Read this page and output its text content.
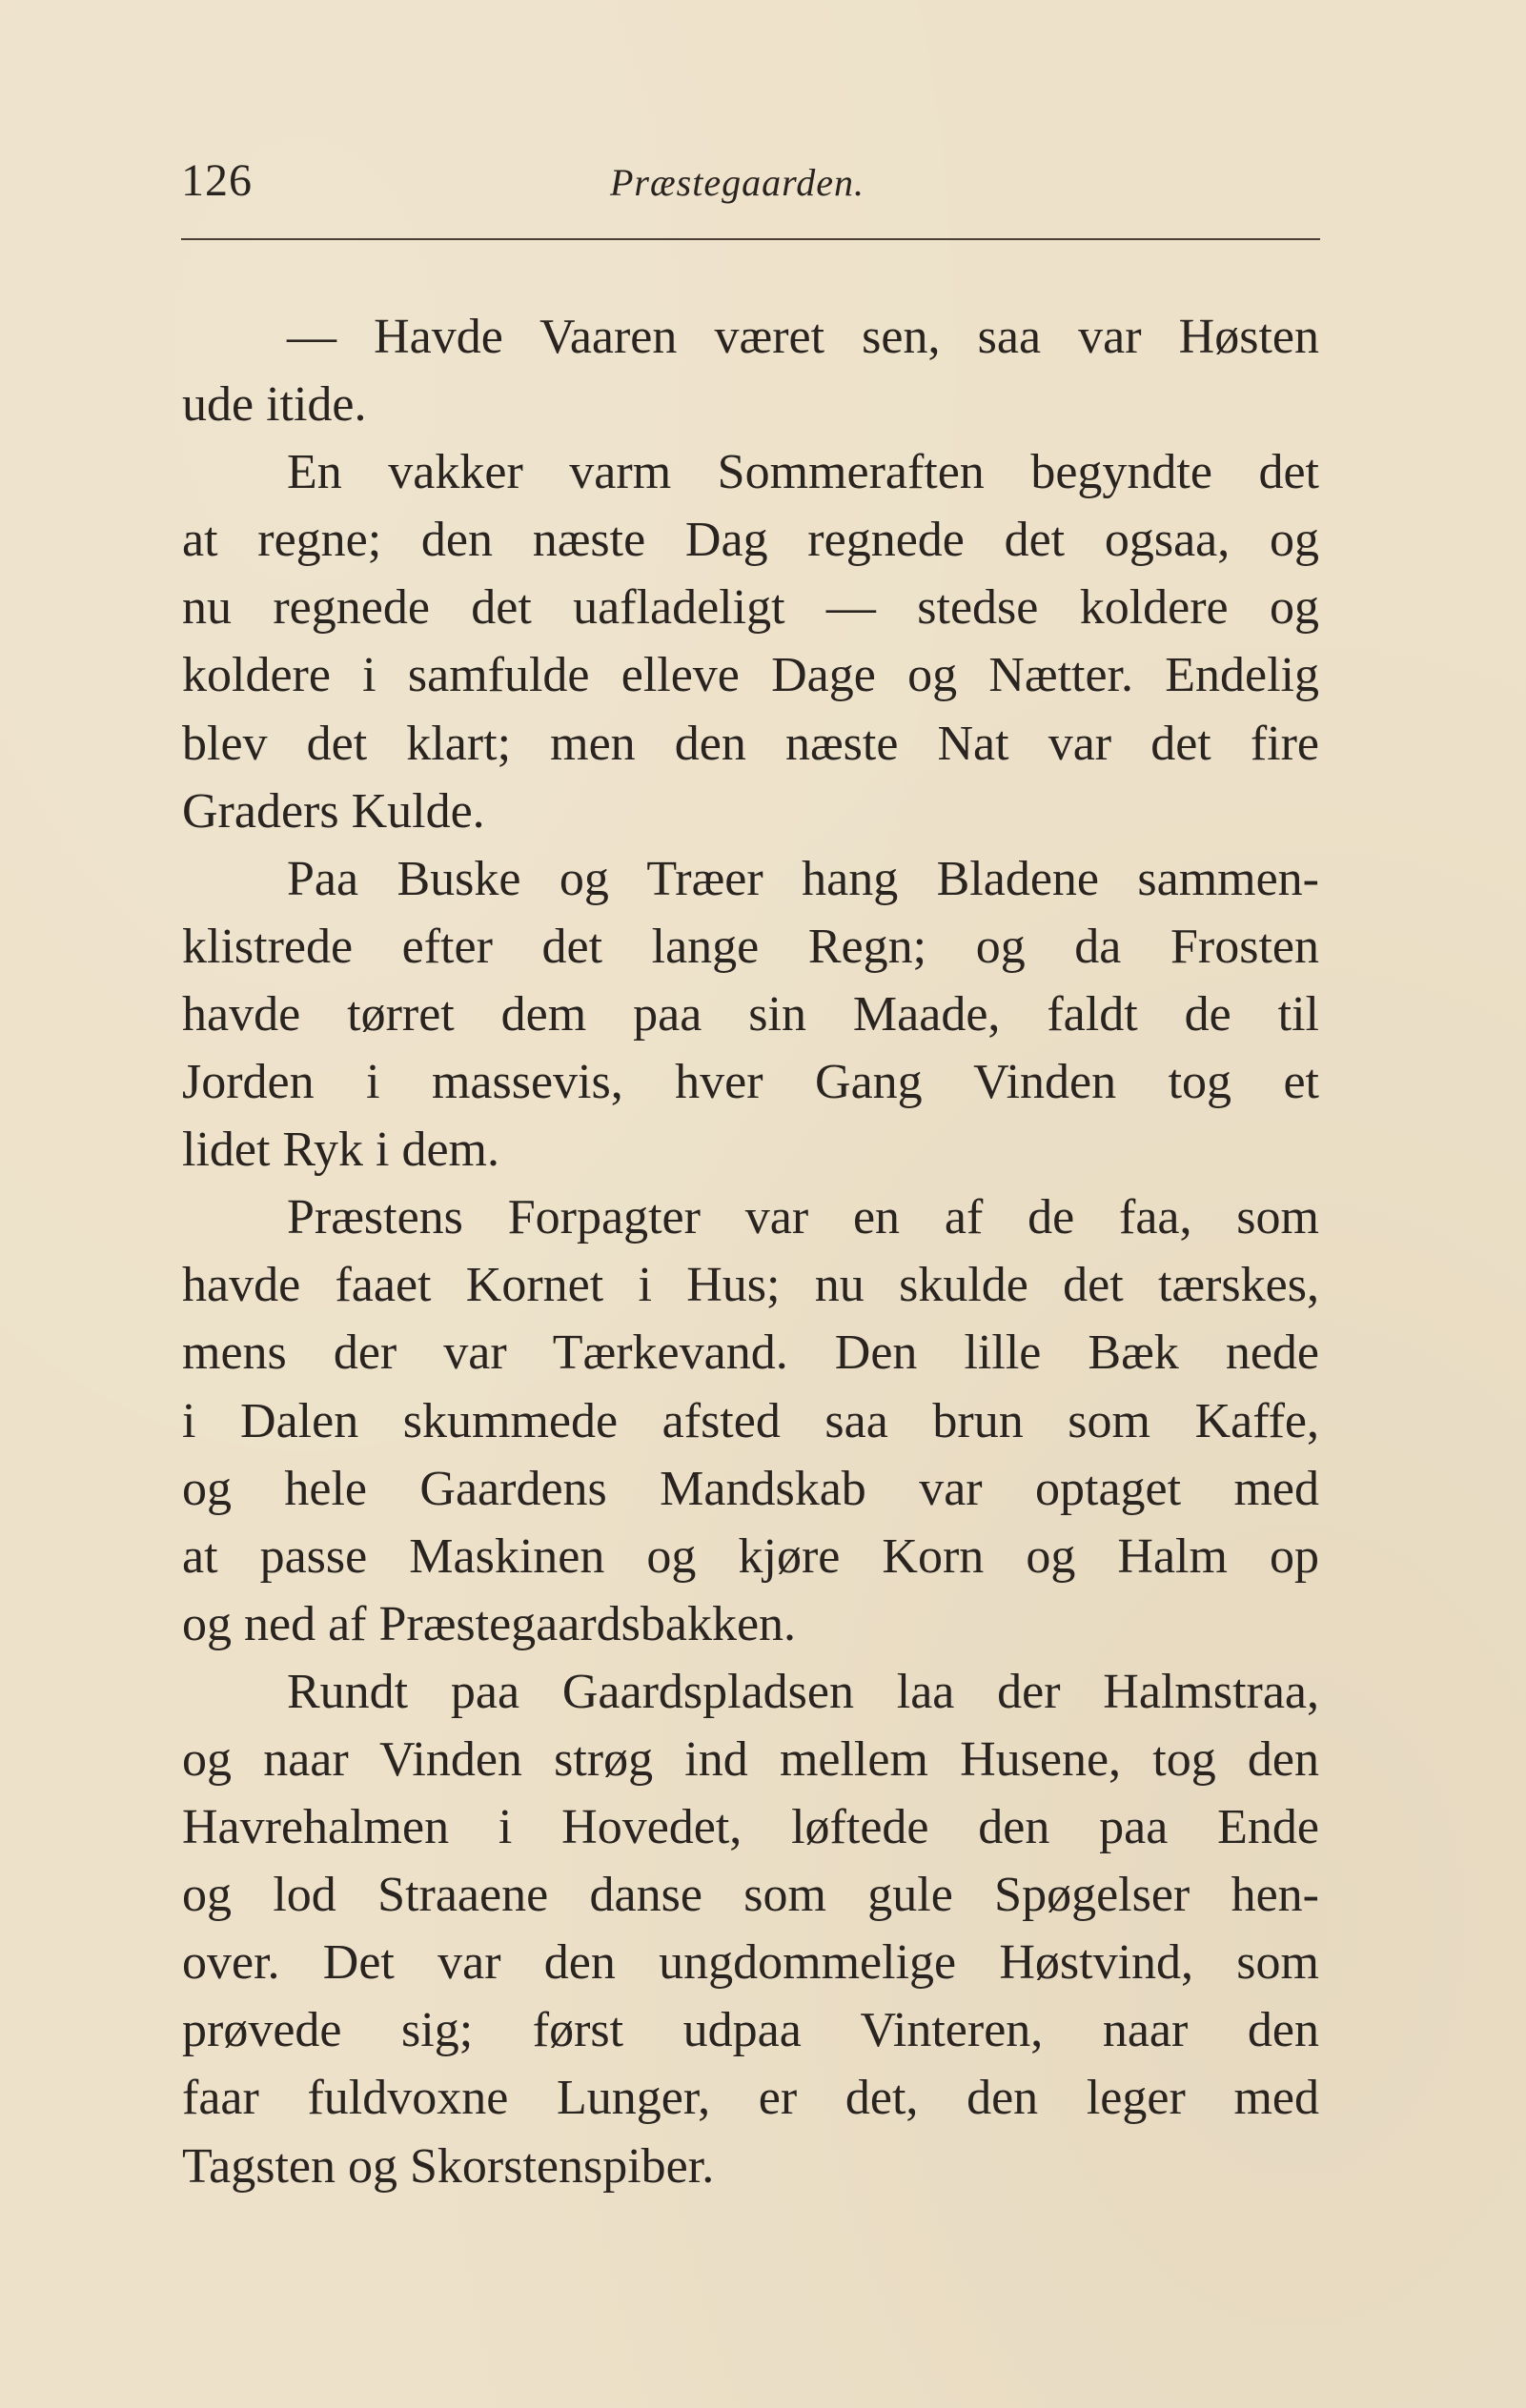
126	Præstegaarden.
— Havde Vaaren været sen, saa var Høsten
ude itide.
En vakker varm Sommeraften begyndte det
at regne; den næste Dag regnede det ogsaa, og
nu regnede det uafladeligt — stedse koldere og
koldere i samfulde elleve Dage og Nætter. Endelig
blev det klart; men den næste Nat var det fire
Graders Kulde.
Paa Buske og Træer hang Bladene sammen-
klistrede efter det lange Regn; og da Frosten
havde tørret dem paa sin Maade, faldt de til
Jorden i massevis, hver Gang Vinden tog et
lidet Ryk i dem.
Præstens Forpagter var en af de faa, som
havde faaet Kornet i Hus; nu skulde det tærskes,
mens der var Tærkevand. Den lille Bæk nede
i Dalen skummede afsted saa brun som Kaffe,
og hele Gaardens Mandskab var optaget med
at passe Maskinen og kjøre Korn og Halm op
og ned af Præstegaardsbakken.
Rundt paa Gaardspladsen laa der Halmstraa,
og naar Vinden strøg ind mellem Husene, tog den
Havrehalmen i Hovedet, løftede den paa Ende
og lod Straaene danse som gule Spøgelser hen-
over. Det var den ungdommelige Høstvind, som
prøvede sig; først udpaa Vinteren, naar den
faar fuldvoxne Lunger, er det, den leger med
Tagsten og Skorstenspiber.
